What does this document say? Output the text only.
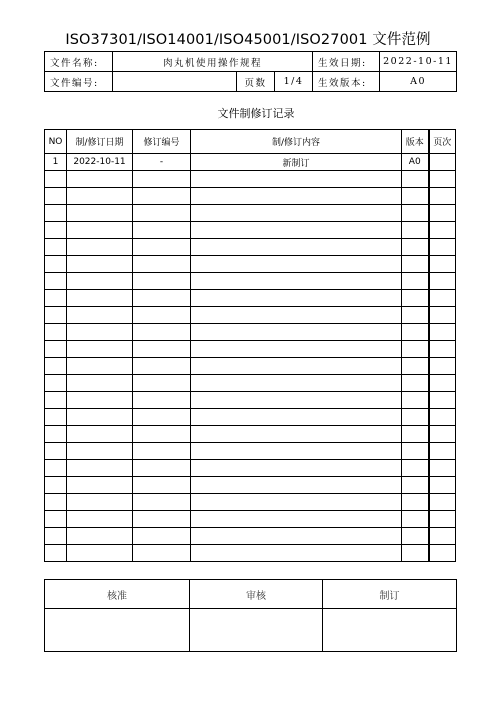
ISO37301/ISO14001/ISO45001/ISO27001 文件范例
文件名称:	肉丸机使用操作规程			生效日期:	2022-10-11
文件编号:		页数	1/4	生效版本:	A0
文件制修订记录
NO	制/修订日期	修订编号	制/修订内容	版本	页次
1	2022-10-11	-	新制订	A0	

核准	审核	制订
